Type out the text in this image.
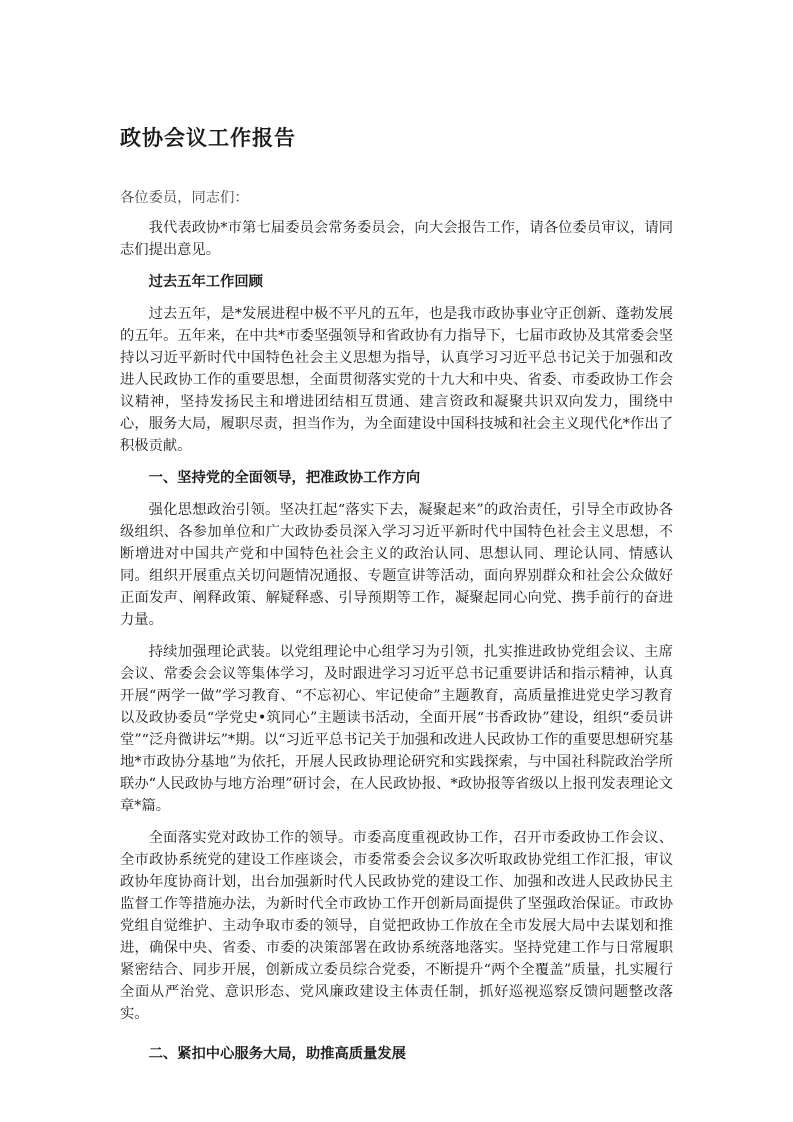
政协会议工作报告

各位委员，同志们：

我代表政协*市第七届委员会常务委员会，向大会报告工作，请各位委员审议，请同志们提出意见。

过去五年工作回顾

过去五年，是*发展进程中极不平凡的五年，也是我市政协事业守正创新、蓬勃发展的五年。五年来，在中共*市委坚强领导和省政协有力指导下，七届市政协及其常委会坚持以习近平新时代中国特色社会主义思想为指导，认真学习习近平总书记关于加强和改进人民政协工作的重要思想，全面贯彻落实党的十九大和中央、省委、市委政协工作会议精神，坚持发扬民主和增进团结相互贯通、建言资政和凝聚共识双向发力，围绕中心，服务大局，履职尽责，担当作为，为全面建设中国科技城和社会主义现代化*作出了积极贡献。

一、坚持党的全面领导，把准政协工作方向

强化思想政治引领。坚决扛起“落实下去，凝聚起来”的政治责任，引导全市政协各级组织、各参加单位和广大政协委员深入学习习近平新时代中国特色社会主义思想，不断增进对中国共产党和中国特色社会主义的政治认同、思想认同、理论认同、情感认同。组织开展重点关切问题情况通报、专题宣讲等活动，面向界别群众和社会公众做好正面发声、阐释政策、解疑释惑、引导预期等工作，凝聚起同心向党、携手前行的奋进力量。

持续加强理论武装。以党组理论中心组学习为引领，扎实推进政协党组会议、主席会议、常委会会议等集体学习，及时跟进学习习近平总书记重要讲话和指示精神，认真开展“两学一做”学习教育、“不忘初心、牢记使命”主题教育，高质量推进党史学习教育以及政协委员“学党史•筑同心”主题读书活动，全面开展“书香政协”建设，组织“委员讲堂”“泛舟微讲坛”*期。以“习近平总书记关于加强和改进人民政协工作的重要思想研究基地*市政协分基地”为依托，开展人民政协理论研究和实践探索，与中国社科院政治学所联办“人民政协与地方治理”研讨会，在人民政协报、*政协报等省级以上报刊发表理论文章*篇。

全面落实党对政协工作的领导。市委高度重视政协工作，召开市委政协工作会议、全市政协系统党的建设工作座谈会，市委常委会会议多次听取政协党组工作汇报，审议政协年度协商计划，出台加强新时代人民政协党的建设工作、加强和改进人民政协民主监督工作等措施办法，为新时代全市政协工作开创新局面提供了坚强政治保证。市政协党组自觉维护、主动争取市委的领导，自觉把政协工作放在全市发展大局中去谋划和推进，确保中央、省委、市委的决策部署在政协系统落地落实。坚持党建工作与日常履职紧密结合、同步开展，创新成立委员综合党委，不断提升“两个全覆盖”质量，扎实履行全面从严治党、意识形态、党风廉政建设主体责任制，抓好巡视巡察反馈问题整改落实。

二、紧扣中心服务大局，助推高质量发展
